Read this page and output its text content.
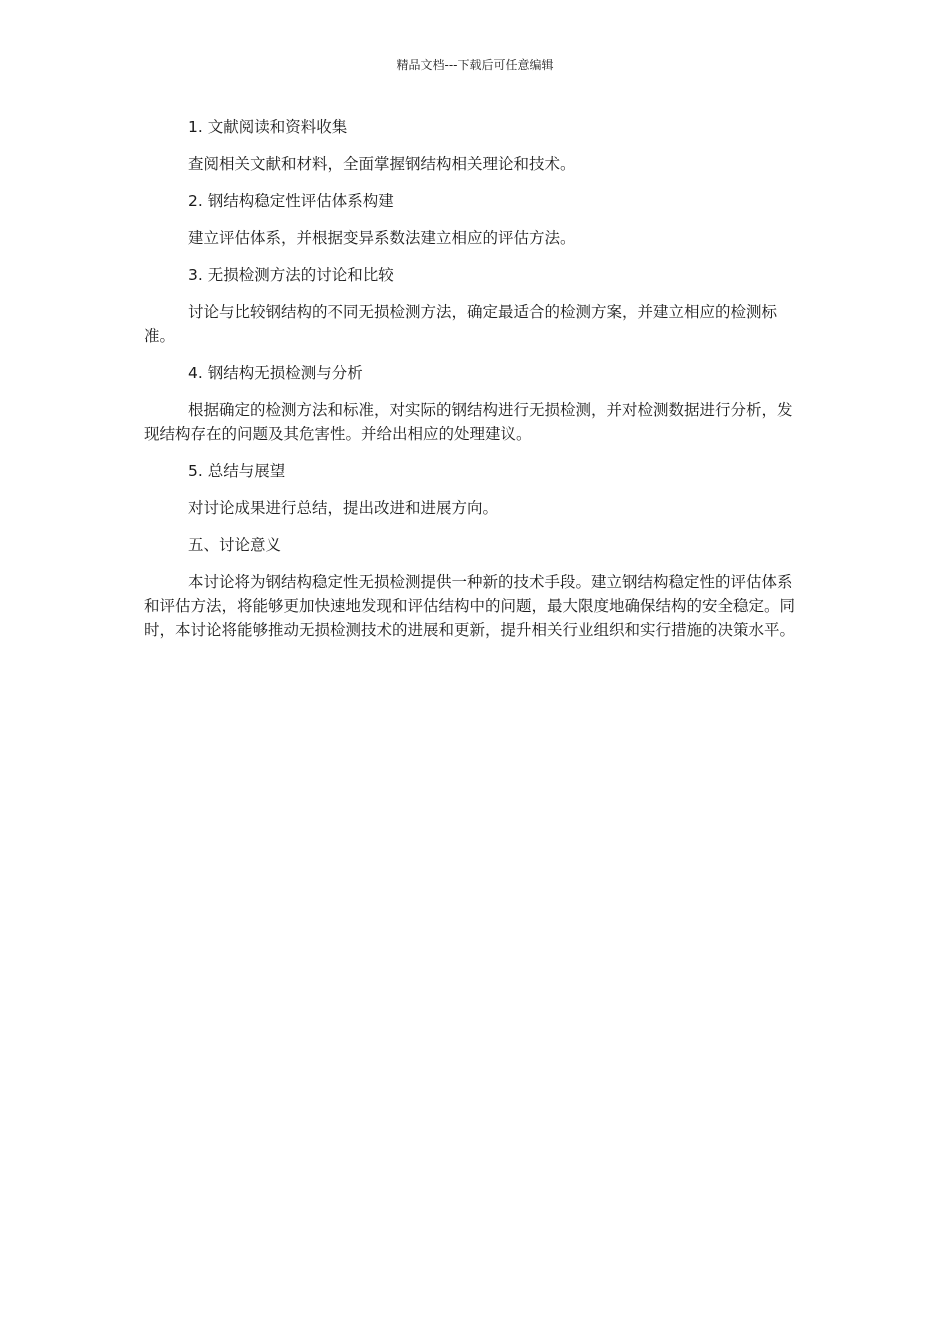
精品文档---下载后可任意编辑

1. 文献阅读和资料收集

查阅相关文献和材料，全面掌握钢结构相关理论和技术。

2. 钢结构稳定性评估体系构建

建立评估体系，并根据变异系数法建立相应的评估方法。

3. 无损检测方法的讨论和比较

讨论与比较钢结构的不同无损检测方法，确定最适合的检测方案，并建立相应的检测标准。

4. 钢结构无损检测与分析

根据确定的检测方法和标准，对实际的钢结构进行无损检测，并对检测数据进行分析，发现结构存在的问题及其危害性。并给出相应的处理建议。

5. 总结与展望

对讨论成果进行总结，提出改进和进展方向。

五、讨论意义

本讨论将为钢结构稳定性无损检测提供一种新的技术手段。建立钢结构稳定性的评估体系和评估方法，将能够更加快速地发现和评估结构中的问题，最大限度地确保结构的安全稳定。同时，本讨论将能够推动无损检测技术的进展和更新，提升相关行业组织和实行措施的决策水平。
